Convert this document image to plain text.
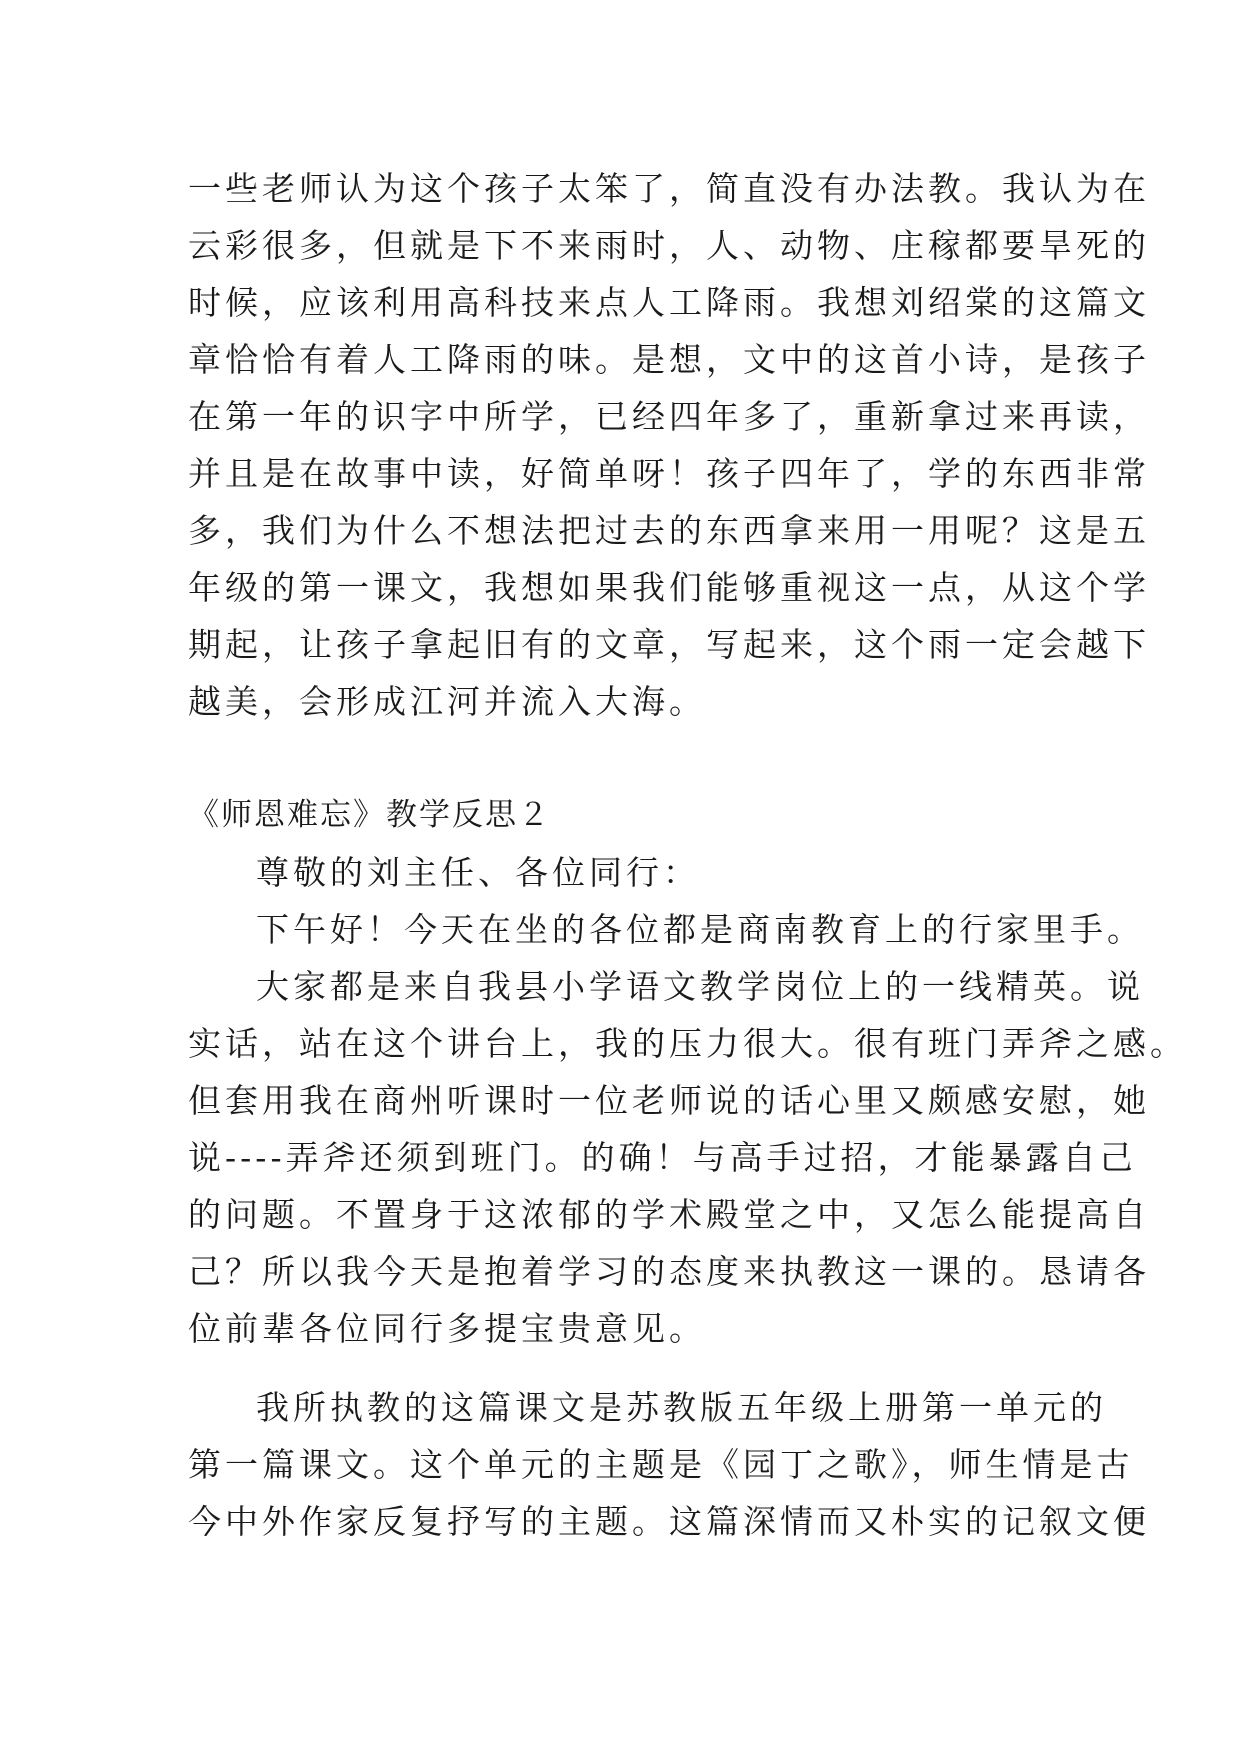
一些老师认为这个孩子太笨了，简直没有办法教。我认为在
云彩很多，但就是下不来雨时，人、动物、庄稼都要旱死的
时候，应该利用高科技来点人工降雨。我想刘绍棠的这篇文
章恰恰有着人工降雨的味。是想，文中的这首小诗，是孩子
在第一年的识字中所学，已经四年多了，重新拿过来再读，
并且是在故事中读，好简单呀！孩子四年了，学的东西非常
多，我们为什么不想法把过去的东西拿来用一用呢？这是五
年级的第一课文，我想如果我们能够重视这一点，从这个学
期起，让孩子拿起旧有的文章，写起来，这个雨一定会越下
越美，会形成江河并流入大海。
《师恩难忘》教学反思２
尊敬的刘主任、各位同行：
下午好！今天在坐的各位都是商南教育上的行家里手。
大家都是来自我县小学语文教学岗位上的一线精英。说
实话，站在这个讲台上，我的压力很大。很有班门弄斧之感。
但套用我在商州听课时一位老师说的话心里又颇感安慰，她
说----弄斧还须到班门。的确！与高手过招，才能暴露自己
的问题。不置身于这浓郁的学术殿堂之中，又怎么能提高自
己？所以我今天是抱着学习的态度来执教这一课的。恳请各
位前辈各位同行多提宝贵意见。
我所执教的这篇课文是苏教版五年级上册第一单元的
第一篇课文。这个单元的主题是《园丁之歌》，师生情是古
今中外作家反复抒写的主题。这篇深情而又朴实的记叙文便
